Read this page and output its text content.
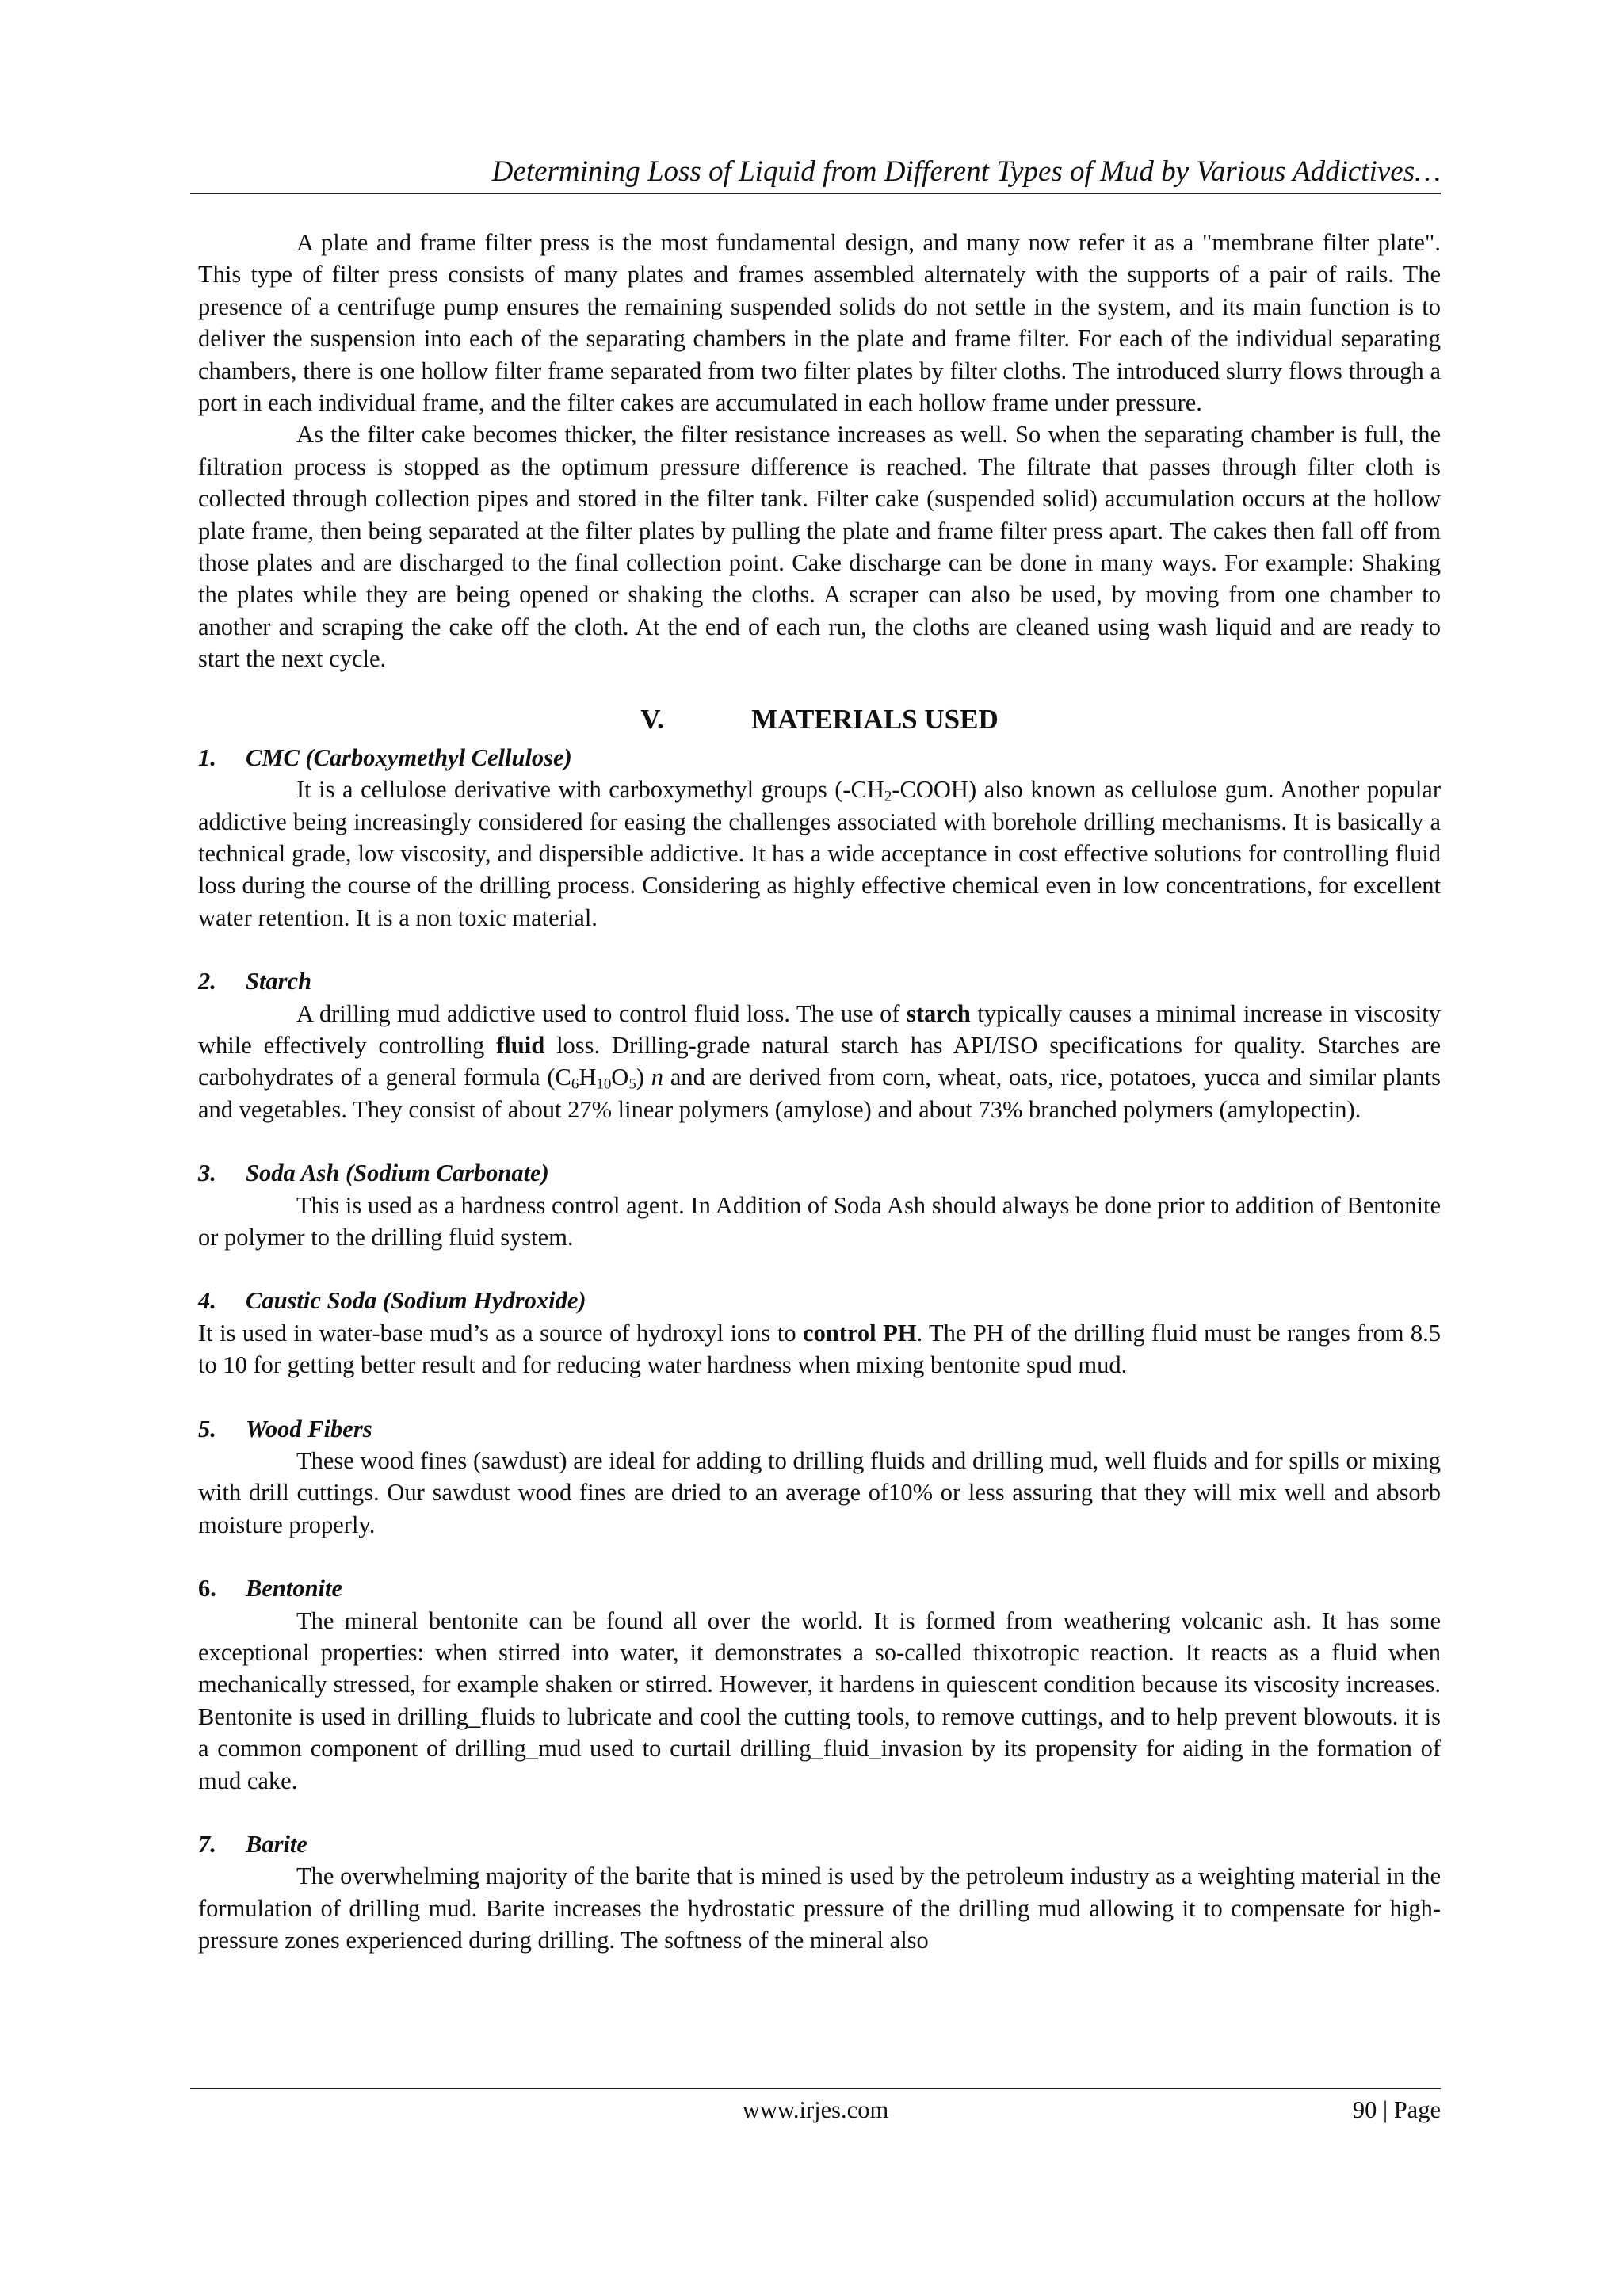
Determining Loss of Liquid from Different Types of Mud by Various Addictives…

A plate and frame filter press is the most fundamental design, and many now refer it as a "membrane filter plate". This type of filter press consists of many plates and frames assembled alternately with the supports of a pair of rails. The presence of a centrifuge pump ensures the remaining suspended solids do not settle in the system, and its main function is to deliver the suspension into each of the separating chambers in the plate and frame filter. For each of the individual separating chambers, there is one hollow filter frame separated from two filter plates by filter cloths. The introduced slurry flows through a port in each individual frame, and the filter cakes are accumulated in each hollow frame under pressure.

As the filter cake becomes thicker, the filter resistance increases as well. So when the separating chamber is full, the filtration process is stopped as the optimum pressure difference is reached. The filtrate that passes through filter cloth is collected through collection pipes and stored in the filter tank. Filter cake (suspended solid) accumulation occurs at the hollow plate frame, then being separated at the filter plates by pulling the plate and frame filter press apart. The cakes then fall off from those plates and are discharged to the final collection point. Cake discharge can be done in many ways. For example: Shaking the plates while they are being opened or shaking the cloths. A scraper can also be used, by moving from one chamber to another and scraping the cake off the cloth. At the end of each run, the cloths are cleaned using wash liquid and are ready to start the next cycle.

V.	MATERIALS USED
1. CMC (Carboxymethyl Cellulose)

It is a cellulose derivative with carboxymethyl groups $(-CH_2-COOH)$ also known as cellulose gum. Another popular addictive being increasingly considered for easing the challenges associated with borehole drilling mechanisms. It is basically a technical grade, low viscosity, and dispersible addictive. It has a wide acceptance in cost effective solutions for controlling fluid loss during the course of the drilling process. Considering as highly effective chemical even in low concentrations, for excellent water retention. It is a non toxic material.

2. Starch

A drilling mud addictive used to control fluid loss. The use of starch typically causes a minimal increase in viscosity while effectively controlling fluid loss. Drilling-grade natural starch has API/ISO specifications for quality. Starches are carbohydrates of a general formula $(C_6H_{10}O_5)$ n and are derived from corn, wheat, oats, rice, potatoes, yucca and similar plants and vegetables. They consist of about 27% linear polymers (amylose) and about 73% branched polymers (amylopectin).

3. Soda Ash (Sodium Carbonate)

This is used as a hardness control agent. In Addition of Soda Ash should always be done prior to addition of Bentonite or polymer to the drilling fluid system.

4. Caustic Soda (Sodium Hydroxide)

It is used in water-base mud’s as a source of hydroxyl ions to control PH. The PH of the drilling fluid must be ranges from 8.5 to 10 for getting better result and for reducing water hardness when mixing bentonite spud mud.

5. Wood Fibers

These wood fines (sawdust) are ideal for adding to drilling fluids and drilling mud, well fluids and for spills or mixing with drill cuttings. Our sawdust wood fines are dried to an average of10% or less assuring that they will mix well and absorb moisture properly.

6. Bentonite

The mineral bentonite can be found all over the world. It is formed from weathering volcanic ash. It has some exceptional properties: when stirred into water, it demonstrates a so-called thixotropic reaction. It reacts as a fluid when mechanically stressed, for example shaken or stirred. However, it hardens in quiescent condition because its viscosity increases. Bentonite is used in drilling_fluids to lubricate and cool the cutting tools, to remove cuttings, and to help prevent blowouts. it is a common component of drilling_mud used to curtail drilling_fluid_invasion by its propensity for aiding in the formation of mud cake.

7. Barite

The overwhelming majority of the barite that is mined is used by the petroleum industry as a weighting material in the formulation of drilling mud. Barite increases the hydrostatic pressure of the drilling mud allowing it to compensate for high-pressure zones experienced during drilling. The softness of the mineral also

www.irjes.com	90 | Page
